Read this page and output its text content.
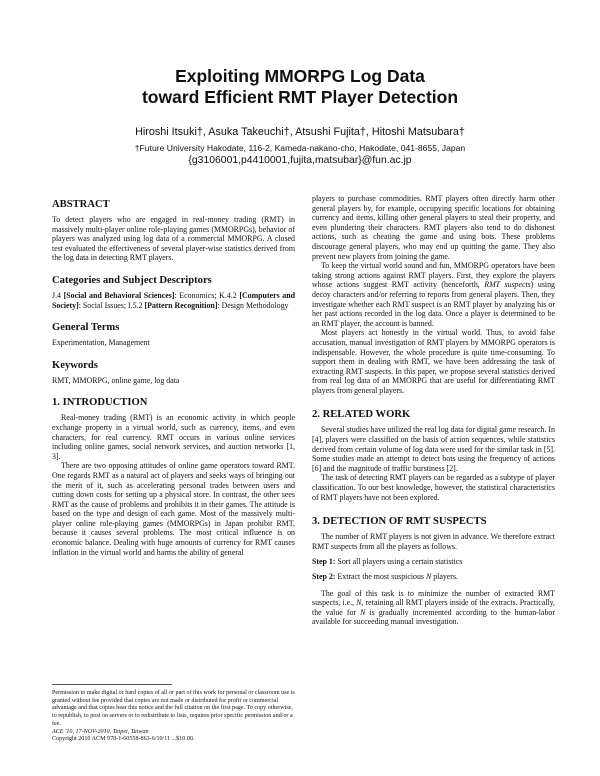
Exploiting MMORPG Log Data
toward Efficient RMT Player Detection
Hiroshi Itsuki†, Asuka Takeuchi†, Atsushi Fujita†, Hitoshi Matsubara†
†Future University Hakodate, 116-2, Kameda-nakano-cho, Hakodate, 041-8655, Japan
{g3106001,p4410001,fujita,matsubar}@fun.ac.jp
ABSTRACT

To detect players who are engaged in real-money trading (RMT) in massively multi-player online role-playing games (MMORPGs), behavior of players was analyzed using log data of a commercial MMORPG. A closed test evaluated the effectiveness of several player-wise statistics derived from the log data in detecting RMT players.

Categories and Subject Descriptors

J.4 [Social and Behavioral Sciences]: Economics; K.4.2 [Computers and Society]: Social Issues; I.5.2 [Pattern Recognition]: Design Methodology

General Terms

Experimentation, Management

Keywords

RMT, MMORPG, online game, log data

1. INTRODUCTION

Real-money trading (RMT) is an economic activity in which people exchange property in a virtual world, such as currency, items, and even characters, for real currency. RMT occurs in various online services including online games, social network services, and auction networks [1, 3].

There are two opposing attitudes of online game operators toward RMT. One regards RMT as a natural act of players and seeks ways of bringing out the merit of it, such as accelerating personal trades between users and cutting down costs for setting up a physical store. In contrast, the other sees RMT as the cause of problems and prohibits it in their games. The attitude is based on the type and design of each game. Most of the massively multi-player online role-playing games (MMORPGs) in Japan prohibit RMT, because it causes several problems. The most critical influence is on economic balance. Dealing with huge amounts of currency for RMT causes inflation in the virtual world and harms the ability of general

Permission to make digital or hard copies of all or part of this work for personal or classroom use is granted without fee provided that copies are not made or distributed for profit or commercial advantage and that copies bear this notice and the full citation on the first page. To copy otherwise, to republish, to post on servers or to redistribute to lists, requires prior specific permission and/or a fee.

ACE '10, 17-NOV-2010, Taipei, Taiwan

Copyright 2010 ACM 978-1-60558-863-6/10/11 ...$10.00.

players to purchase commodities. RMT players often directly harm other general players by, for example, occupying specific locations for obtaining currency and items, killing other general players to steal their property, and even plundering their characters. RMT players also tend to do dishonest actions, such as cheating the game and using bots. These problems discourage general players, who may end up quitting the game. They also prevent new players from joining the game.

To keep the virtual world sound and fun, MMORPG operators have been taking strong actions against RMT players. First, they explore the players whose actions suggest RMT activity (henceforth, RMT suspects) using decoy characters and/or referring to reports from general players. Then, they investigate whether each RMT suspect is an RMT player by analyzing his or her past actions recorded in the log data. Once a player is determined to be an RMT player, the account is banned.

Most players act honestly in the virtual world. Thus, to avoid false accusation, manual investigation of RMT players by MMORPG operators is indispensable. However, the whole procedure is quite time-consuming. To support them in dealing with RMT, we have been addressing the task of extracting RMT suspects. In this paper, we propose several statistics derived from real log data of an MMORPG that are useful for differentiating RMT players from general players.

2. RELATED WORK

Several studies have utilized the real log data for digital game research. In [4], players were classified on the basis of action sequences, while statistics derived from certain volume of log data were used for the similar task in [5]. Some studies made an attempt to detect bots using the frequency of actions [6] and the magnitude of traffic burstiness [2].

The task of detecting RMT players can be regarded as a subtype of player classification. To our best knowledge, however, the statistical characteristics of RMT players have not been explored.

3. DETECTION OF RMT SUSPECTS

The number of RMT players is not given in advance. We therefore extract RMT suspects from all the players as follows.

Step 1: Sort all players using a certain statistics

Step 2: Extract the most suspicious N players.

The goal of this task is to minimize the number of extracted RMT suspects, i.e., N, retaining all RMT players inside of the extracts. Practically, the value for N is gradually incremented according to the human-labor available for succeeding manual investigation.
